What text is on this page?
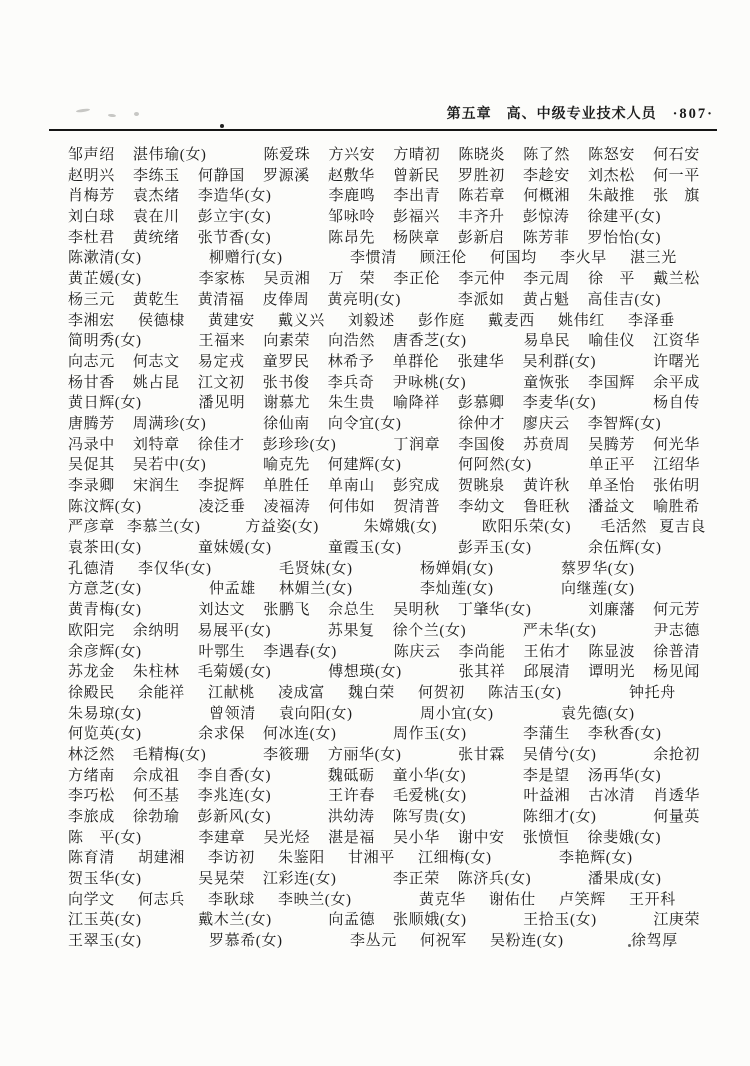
第五章　高、中级专业技术人员 ·807·
邹声绍	湛伟瑜(女)	陈爱珠	方兴安	方晴初	陈晓炎	陈了然	陈怒安	何石安
赵明兴	李练玉	何静国	罗源溪	赵敷华	曾新民	罗胜初	李趁安	刘杰松	何一平
肖梅芳	袁杰绪	李造华(女)	李鹿鸣	李出青	陈若章	何概湘	朱敲推	张　旗
刘白球	袁在川	彭立宇(女)	邹咏呤	彭福兴	丰齐升	彭惊涛	徐建平(女)
李杜君	黄统绪	张节香(女)	陈昂先	杨陕章	彭新启	陈芳菲	罗怡怡(女)
陈漱清(女)	柳赠行(女)	李惯清	顾汪伦	何国均	李火早	湛三光
黄芷媛(女)	李家栋	吴贡湘	万　荣	李正伦	李元仲	李元周	徐　平	戴兰松
杨三元	黄乾生	黄清福	皮俸周	黄亮明(女)	李派如	黄占魁	高佳吉(女)
李湘宏	侯德棣	黄建安	戴义兴	刘毅述	彭作庭	戴麦西	姚伟红	李泽垂
简明秀(女)	王福来	向素荣	向浩然	唐香芝(女)	易阜民	喻佳仪	江资华
向志元	何志文	易定戎	童罗民	林希予	单群伦	张建华	吴利群(女)	许曙光
杨甘香	姚占昆	江文初	张书俊	李兵奇	尹咏桃(女)	童恢张	李国辉	余平成
黄日辉(女)	潘见明	谢慕尤	朱生贵	喻降祥	彭慕卿	李麦华(女)	杨自传
唐腾芳	周满珍(女)	徐仙南	向令宜(女)	徐仲才	廖庆云	李智辉(女)
冯录中	刘特章	徐佳才	彭珍珍(女)	丁润章	李国俊	苏贲周	吴腾芳	何光华
吴促其	吴若中(女)	喻克先	何建辉(女)	何阿然(女)	单正平	江绍华
李录卿	宋润生	李捉辉	单胜任	单南山	彭究成	贺眺泉	黄许秋	单圣怡	张佑明
陈汶辉(女)	凌泛垂	凌福涛	何伟如	贺清普	李幼文	鲁旺秋	潘益文	喻胜希
严彦章 李慕兰(女)	方益姿(女)	朱嫦娥(女)	欧阳乐荣(女)	毛活然 夏吉良
袁茶田(女)	童妹媛(女)	童霞玉(女)	彭弄玉(女)	余伍辉(女)
孔德清	李仅华(女)	毛贤妹(女)	杨婵娟(女)	蔡罗华(女)
方意芝(女)	仲孟雄	林媚兰(女)	李灿莲(女)	向继莲(女)
黄青梅(女)	刘达文	张鹏飞	佘总生	吴明秋	丁肇华(女)	刘廉藩	何元芳
欧阳完	余纳明	易展平(女)	苏果复	徐个兰(女)	严未华(女)	尹志德
余彦辉(女)	叶鄂生	李遇春(女)	陈庆云	李尚能	王佑才	陈显波	徐普清
苏龙金	朱柱林	毛菊媛(女)	傅想瑛(女)	张其祥	邱展清	谭明光	杨见闻
徐殿民	余能祥	江献桃	凌成富	魏白荣	何贺初	陈洁玉(女)	钟托舟
朱易琼(女)	曾领清	袁向阳(女)	周小宜(女)	袁先德(女)
何览英(女)	余求保	何冰连(女)	周作玉(女)	李蒲生	李秋香(女)
林泛然	毛精梅(女)	李筱珊	方丽华(女)	张甘霖	吴倩兮(女)	余抢初
方绪南	佘成祖	李自香(女)	魏砥砺	童小华(女)	李是望	汤再华(女)
李巧松	何丕基	李兆连(女)	王许春	毛爱桃(女)	叶益湘	古冰清	肖透华
李旅成	徐勃瑜	彭新风(女)	洪幼涛	陈写贵(女)	陈细才(女)	何量英
陈　平(女)	李建章	吴光烃	湛是福	吴小华	谢中安	张愤恒	徐斐娥(女)
陈育清	胡建湘	李访初	朱鉴阳	甘湘平	江细梅(女)	李艳辉(女)
贺玉华(女)	吴晃荣	江彩连(女)	李正荣	陈济兵(女)	潘果成(女)
向学文	何志兵	李耿球	李映兰(女)	黄克华	谢佑仕	卢笑辉	王开科
江玉英(女)	戴木兰(女)	向孟德	张顺娥(女)	王拾玉(女)	江庚荣
王翠玉(女)	罗慕希(女)	李丛元	何祝军	吴粉连(女)	徐驾厚
